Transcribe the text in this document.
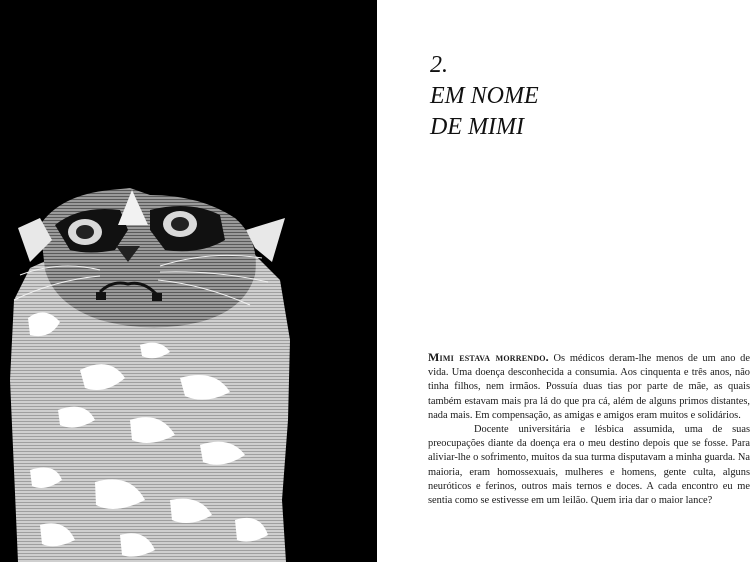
2.
EM NOME
DE MIMI

Mimi estava morrendo. Os médicos deram-lhe menos de um ano de vida. Uma doença desconhecida a consumia. Aos cinquenta e três anos, não tinha filhos, nem irmãos. Possuía duas tias por parte de mãe, as quais também estavam mais pra lá do que pra cá, além de alguns primos distantes, nada mais. Em compensação, as amigas e amigos eram muitos e solidários.

Docente universitária e lésbica assumida, uma de suas preocupações diante da doença era o meu destino depois que se fosse. Para aliviar-lhe o sofrimento, muitos da sua turma disputavam a minha guarda. Na maioria, eram homossexuais, mulheres e homens, gente culta, alguns neuróticos e ferinos, outros mais ternos e doces. A cada encontro eu me sentia como se estivesse em um leilão. Quem iria dar o maior lance?
